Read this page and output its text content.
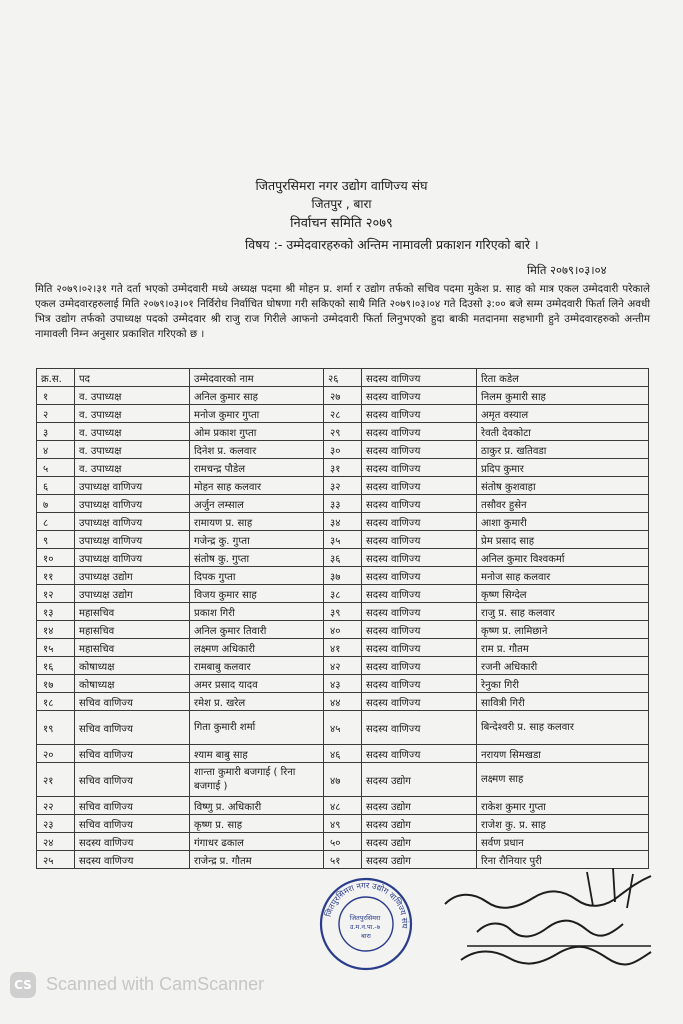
जितपुरसिमरा नगर उद्योग वाणिज्य संघ
जितपुर , बारा
निर्वाचन समिति २०७९
विषय :- उम्मेदवारहरुको अन्तिम नामावली प्रकाशन गरिएको बारे ।
मिति २०७९।०३।०४
मिति २०७९।०२।३१ गते दर्ता भएको उम्मेदवारी मध्ये अध्यक्ष पदमा श्री मोहन प्र. शर्मा र उद्योग तर्फको सचिव पदमा मुकेश प्र. साह को मात्र एकल उम्मेदवारी परेकाले एकल उम्मेदवारहरुलाई मिति २०७९।०३।०१ निर्विरोध निर्वाचित घोषणा गरी सकिएको साथै मिति २०७९।०३।०४ गते दिउसो ३:०० बजे सम्म उम्मेदवारी फिर्ता लिने अवधी भित्र उद्योग तर्फको उपाध्यक्ष पदको उम्मेदवार श्री राजु राज गिरीले आफनो उम्मेदवारी फिर्ता लिनुभएको हुदा बाकी मतदानमा सहभागी हुने उम्मेदवारहरुको अन्तीम नामावली निम्न अनुसार प्रकाशित गरिएको छ ।
क्र.स.	पद	उम्मेदवारको नाम	२६	सदस्य वाणिज्य	रिता कडेल
१	व. उपाध्यक्ष	अनिल कुमार साह	२७	सदस्य वाणिज्य	निलम कुमारी साह
२	व. उपाध्यक्ष	मनोज कुमार गुप्ता	२८	सदस्य वाणिज्य	अमृत वस्याल
३	व. उपाध्यक्ष	ओम प्रकाश गुप्ता	२९	सदस्य वाणिज्य	रेवती देवकोटा
४	व. उपाध्यक्ष	दिनेश प्र. कलवार	३०	सदस्य वाणिज्य	ठाकुर प्र. खतिवडा
५	व. उपाध्यक्ष	रामचन्द्र पौडेल	३१	सदस्य वाणिज्य	प्रदिप कुमार
६	उपाध्यक्ष वाणिज्य	मोहन साह कलवार	३२	सदस्य वाणिज्य	संतोष कुशवाहा
७	उपाध्यक्ष वाणिज्य	अर्जुन लम्साल	३३	सदस्य वाणिज्य	तसौवर हुसेन
८	उपाध्यक्ष वाणिज्य	रामायण प्र. साह	३४	सदस्य वाणिज्य	आशा कुमारी
९	उपाध्यक्ष वाणिज्य	गजेन्द्र कु. गुप्ता	३५	सदस्य वाणिज्य	प्रेम प्रसाद साह
१०	उपाध्यक्ष वाणिज्य	संतोष कु. गुप्ता	३६	सदस्य वाणिज्य	अनिल कुमार विश्वकर्मा
११	उपाध्यक्ष उद्योग	दिपक गुप्ता	३७	सदस्य वाणिज्य	मनोज साह कलवार
१२	उपाध्यक्ष उद्योग	विजय कुमार साह	३८	सदस्य वाणिज्य	कृष्ण सिग्देल
१३	महासचिव	प्रकाश गिरी	३९	सदस्य वाणिज्य	राजु प्र. साह कलवार
१४	महासचिव	अनिल कुमार तिवारी	४०	सदस्य वाणिज्य	कृष्ण प्र. लामिछाने
१५	महासचिव	लक्ष्मण अधिकारी	४१	सदस्य वाणिज्य	राम प्र. गौतम
१६	कोषाध्यक्ष	रामबाबु कलवार	४२	सदस्य वाणिज्य	रजनी अधिकारी
१७	कोषाध्यक्ष	अमर प्रसाद यादव	४३	सदस्य वाणिज्य	रेनुका गिरी
१८	सचिव वाणिज्य	रमेश प्र. खरेल	४४	सदस्य वाणिज्य	सावित्री गिरी
१९	सचिव वाणिज्य	गिता कुमारी शर्मा	४५	सदस्य वाणिज्य	बिन्देश्वरी प्र. साह कलवार
२०	सचिव वाणिज्य	श्याम बाबु साह	४६	सदस्य वाणिज्य	नरायण सिमखडा
२१	सचिव वाणिज्य	शान्ता कुमारी बजगाई ( रिना बजगाई )	४७	सदस्य उद्योग	लक्ष्मण साह
२२	सचिव वाणिज्य	विष्णु प्र. अधिकारी	४८	सदस्य उद्योग	राकेश कुमार गुप्ता
२३	सचिव वाणिज्य	कृष्ण प्र. साह	४९	सदस्य उद्योग	राजेश कु. प्र. साह
२४	सदस्य वाणिज्य	गंगाधर ढकाल	५०	सदस्य उद्योग	सर्वण प्रधान
२५	सदस्य वाणिज्य	राजेन्द्र प्र. गौतम	५१	सदस्य उद्योग	रिना रौनियार पुरी
जितपुरसिमरा नगर उद्योग वाणिज्य संघ
जितपुरसिमरा उ.म.न.पा.-७ बारा
CS Scanned with CamScanner
